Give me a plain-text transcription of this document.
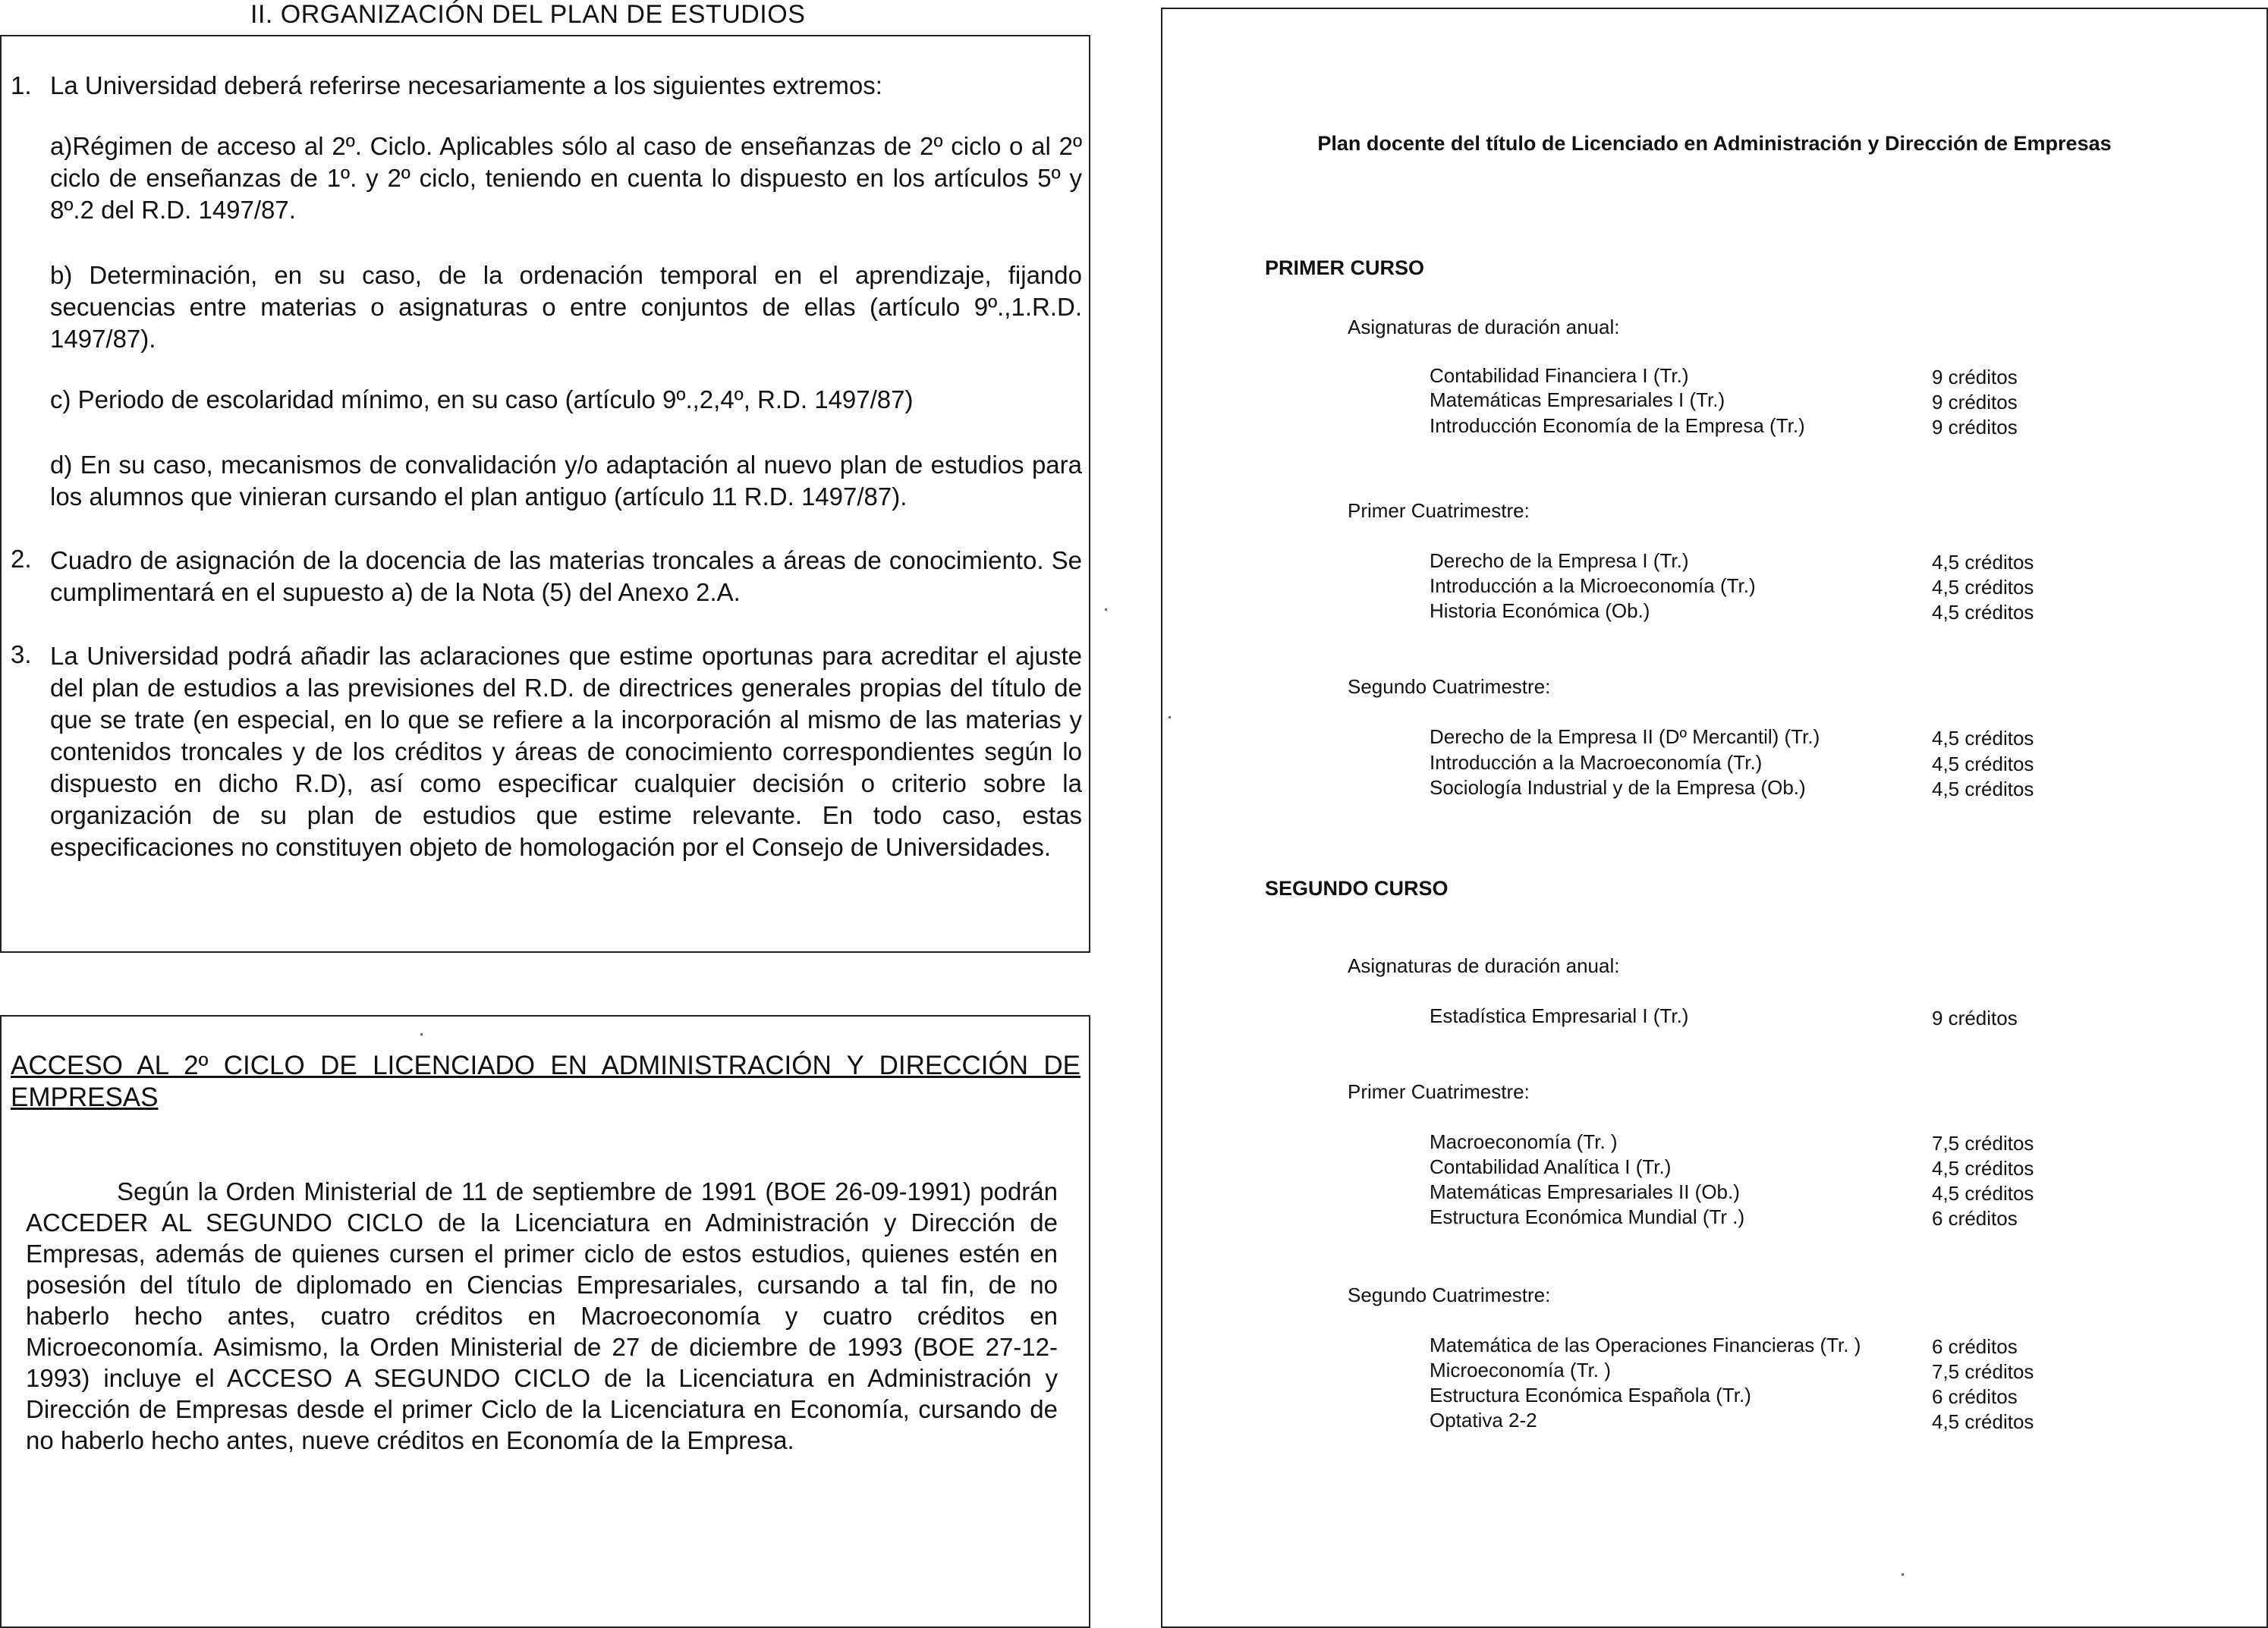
II. ORGANIZACIÓN DEL PLAN DE ESTUDIOS
1. La Universidad deberá referirse necesariamente a los siguientes extremos:
a)Régimen de acceso al 2º. Ciclo. Aplicables sólo al caso de enseñanzas de 2º ciclo o al 2º ciclo de enseñanzas de 1º. y 2º ciclo, teniendo en cuenta lo dispuesto en los artículos 5º y 8º.2 del R.D. 1497/87.
b) Determinación, en su caso, de la ordenación temporal en el aprendizaje, fijando secuencias entre materias o asignaturas o entre conjuntos de ellas (artículo 9º.,1.R.D. 1497/87).
c) Periodo de escolaridad mínimo, en su caso (artículo 9º.,2,4º, R.D. 1497/87)
d) En su caso, mecanismos de convalidación y/o adaptación al nuevo plan de estudios para los alumnos que vinieran cursando el plan antiguo (artículo 11 R.D. 1497/87).
2. Cuadro de asignación de la docencia de las materias troncales a áreas de conocimiento. Se cumplimentará en el supuesto a) de la Nota (5) del Anexo 2.A.
3. La Universidad podrá añadir las aclaraciones que estime oportunas para acreditar el ajuste del plan de estudios a las previsiones del R.D. de directrices generales propias del título de que se trate (en especial, en lo que se refiere a la incorporación al mismo de las materias y contenidos troncales y de los créditos y áreas de conocimiento correspondientes según lo dispuesto en dicho R.D), así como especificar cualquier decisión o criterio sobre la organización de su plan de estudios que estime relevante. En todo caso, estas especificaciones no constituyen objeto de homologación por el Consejo de Universidades.
ACCESO AL 2º CICLO DE LICENCIADO EN ADMINISTRACIÓN Y DIRECCIÓN DE EMPRESAS
Según la Orden Ministerial de 11 de septiembre de 1991 (BOE 26-09-1991) podrán ACCEDER AL SEGUNDO CICLO de la Licenciatura en Administración y Dirección de Empresas, además de quienes cursen el primer ciclo de estos estudios, quienes estén en posesión del título de diplomado en Ciencias Empresariales, cursando a tal fin, de no haberlo hecho antes, cuatro créditos en Macroeconomía y cuatro créditos en Microeconomía. Asimismo, la Orden Ministerial de 27 de diciembre de 1993 (BOE 27-12-1993) incluye el ACCESO A SEGUNDO CICLO de la Licenciatura en Administración y Dirección de Empresas desde el primer Ciclo de la Licenciatura en Economía, cursando de no haberlo hecho antes, nueve créditos en Economía de la Empresa.
Plan docente del título de Licenciado en Administración y Dirección de Empresas
PRIMER CURSO
Asignaturas de duración anual:
Contabilidad Financiera I (Tr.)	9 créditos
Matemáticas Empresariales I (Tr.)	9 créditos
Introducción Economía de la Empresa (Tr.)	9 créditos
Primer Cuatrimestre:
Derecho de la Empresa I (Tr.)	4,5 créditos
Introducción a la Microeconomía (Tr.)	4,5 créditos
Historia Económica (Ob.)	4,5 créditos
Segundo Cuatrimestre:
Derecho de la Empresa II (Dº Mercantil) (Tr.)	4,5 créditos
Introducción a la Macroeconomía (Tr.)	4,5 créditos
Sociología Industrial y de la Empresa (Ob.)	4,5 créditos
SEGUNDO CURSO
Asignaturas de duración anual:
Estadística Empresarial I (Tr.)	9 créditos
Primer Cuatrimestre:
Macroeconomía (Tr. )	7,5 créditos
Contabilidad Analítica I (Tr.)	4,5 créditos
Matemáticas Empresariales II (Ob.)	4,5 créditos
Estructura Económica Mundial (Tr .)	6 créditos
Segundo Cuatrimestre:
Matemática de las Operaciones Financieras (Tr. )	6 créditos
Microeconomía (Tr. )	7,5 créditos
Estructura Económica Española (Tr.)	6 créditos
Optativa 2-2	4,5 créditos
